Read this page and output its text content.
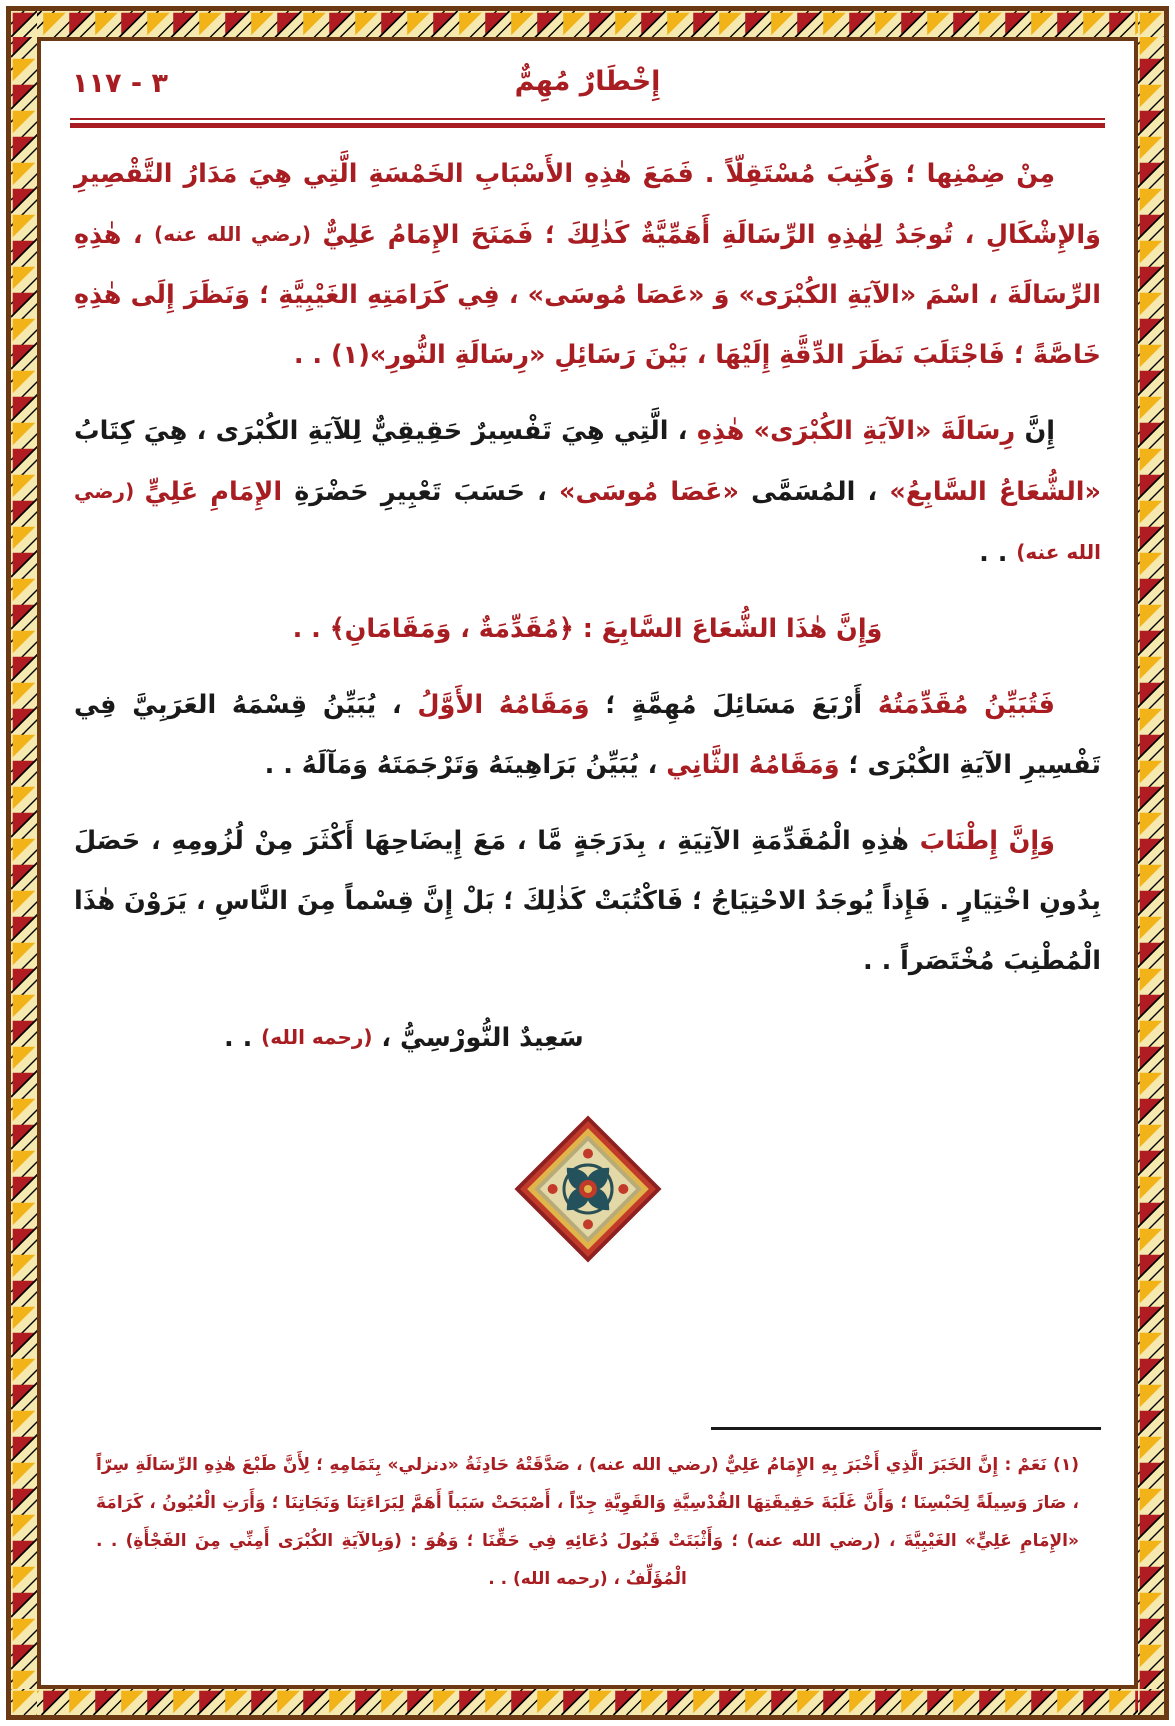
٣ - ١١٧	إِخْطَارٌ مُهِمٌّ

مِنْ ضِمْنِها ؛ وَكُتِبَ مُسْتَقِلّاً . فَمَعَ هٰذِهِ الأَسْبَابِ الخَمْسَةِ الَّتِي هِيَ مَدَارُ التَّقْصِيرِ وَالإِشْكَالِ ، تُوجَدُ لِهٰذِهِ الرِّسَالَةِ أَهَمِّيَّةٌ كَذٰلِكَ ؛ فَمَنَحَ الإِمَامُ عَلِيٌّ (رضي الله عنه) ، هٰذِهِ الرِّسَالَةَ ، اسْمَ «الآيَةِ الكُبْرَى» وَ «عَصَا مُوسَى» ، فِي كَرَامَتِهِ الغَيْبِيَّةِ ؛ وَنَظَرَ إِلَى هٰذِهِ خَاصَّةً ؛ فَاجْتَلَبَ نَظَرَ الدِّقَّةِ إِلَيْهَا ، بَيْنَ رَسَائِلِ «رِسَالَةِ النُّورِ»(١) . .

إِنَّ رِسَالَةَ «الآيَةِ الكُبْرَى» هٰذِهِ ، الَّتِي هِيَ تَفْسِيرٌ حَقِيقِيٌّ لِلآيَةِ الكُبْرَى ، هِيَ كِتَابُ «الشُّعَاعُ السَّابِعُ» ، المُسَمَّى «عَصَا مُوسَى» ، حَسَبَ تَعْبِيرِ حَضْرَةِ الإِمَامِ عَلِيٍّ (رضي الله عنه) . .

وَإِنَّ هٰذَا الشُّعَاعَ السَّابِعَ : ﴿مُقَدِّمَةٌ ، وَمَقَامَانِ﴾ . .

فَتُبَيِّنُ مُقَدِّمَتُهُ أَرْبَعَ مَسَائِلَ مُهِمَّةٍ ؛ وَمَقَامُهُ الأَوَّلُ ، يُبَيِّنُ قِسْمَهُ العَرَبِيَّ فِي تَفْسِيرِ الآيَةِ الكُبْرَى ؛ وَمَقَامُهُ الثَّانِي ، يُبَيِّنُ بَرَاهِينَهُ وَتَرْجَمَتَهُ وَمَآلَهُ . .

وَإِنَّ إِطْنَابَ هٰذِهِ الْمُقَدِّمَةِ الآتِيَةِ ، بِدَرَجَةٍ مَّا ، مَعَ إِيضَاحِهَا أَكْثَرَ مِنْ لُزُومِهِ ، حَصَلَ بِدُونِ اخْتِيَارٍ . فَإِذاً يُوجَدُ الاحْتِيَاجُ ؛ فَاكْتُبَتْ كَذٰلِكَ ؛ بَلْ إِنَّ قِسْماً مِنَ النَّاسِ ، يَرَوْنَ هٰذَا الْمُطْنِبَ مُخْتَصَراً . .

سَعِيدٌ النُّورْسِيُّ ، (رحمه الله) . .

(١) نَعَمْ : إِنَّ الخَبَرَ الَّذِي أَخْبَرَ بِهِ الإِمَامُ عَلِيٌّ (رضي الله عنه) ، صَدَّقَتْهُ حَادِثَةُ «دنزلي» بِتَمَامِهِ ؛ لِأَنَّ طَبْعَ هٰذِهِ الرِّسَالَةِ سِرّاً ، صَارَ وَسِيلَةً لِحَبْسِنَا ؛ وَأَنَّ غَلَبَةَ حَقِيقَتِهَا القُدْسِيَّةِ وَالقَوِيَّةِ جِدّاً ، أَصْبَحَتْ سَبَباً أَهَمَّ لِبَرَاءَتِنَا وَنَجَاتِنَا ؛ وَأَرَتِ الْعُيُونُ ، كَرَامَةَ «الإِمَامِ عَلِيٍّ» الغَيْبِيَّةَ ، (رضي الله عنه) ؛ وَأَثْبَتَتْ قَبُولَ دُعَائِهِ فِي حَقِّنَا ؛ وَهُوَ : (وَبِالآيَةِ الكُبْرَى أَمِنِّي مِنَ الفَجْأَةِ) . . الْمُؤَلِّفُ ، (رحمه الله) . .
